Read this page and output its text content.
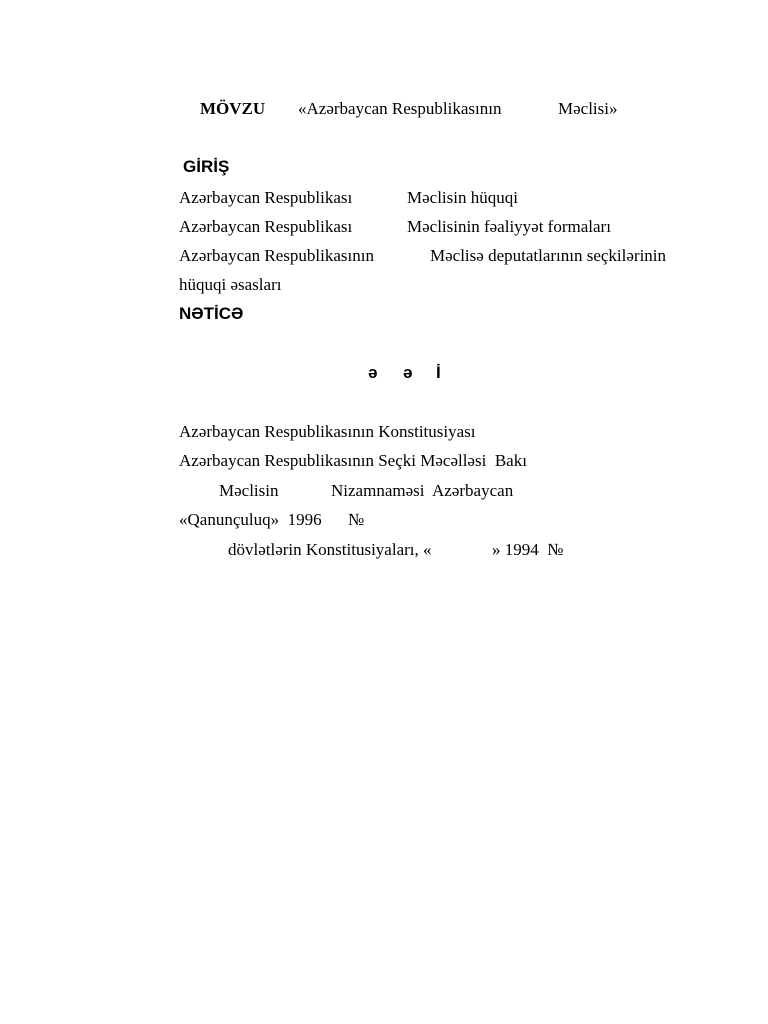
MÖVZU «Azərbaycan Respublikasının	Məclisi»
GİRİŞ
Azərbaycan Respublikası	Məclisin hüquqi
Azərbaycan Respublikası	Məclisinin fəaliyyət formaları
Azərbaycan Respublikasının	Məclisə deputatlarının seçkilərinin
hüquqi əsasları
NƏTİCƏ
ə ə İ
Azərbaycan Respublikasının Konstitusiyası
Azərbaycan Respublikasının Seçki Məcəlləsi  Bakı
Məclisin	Nizamnaməsi  Azərbaycan
«Qanunçuluq»  1996 №
dövlətlərin Konstitusiyaları, «	» 1994  №
